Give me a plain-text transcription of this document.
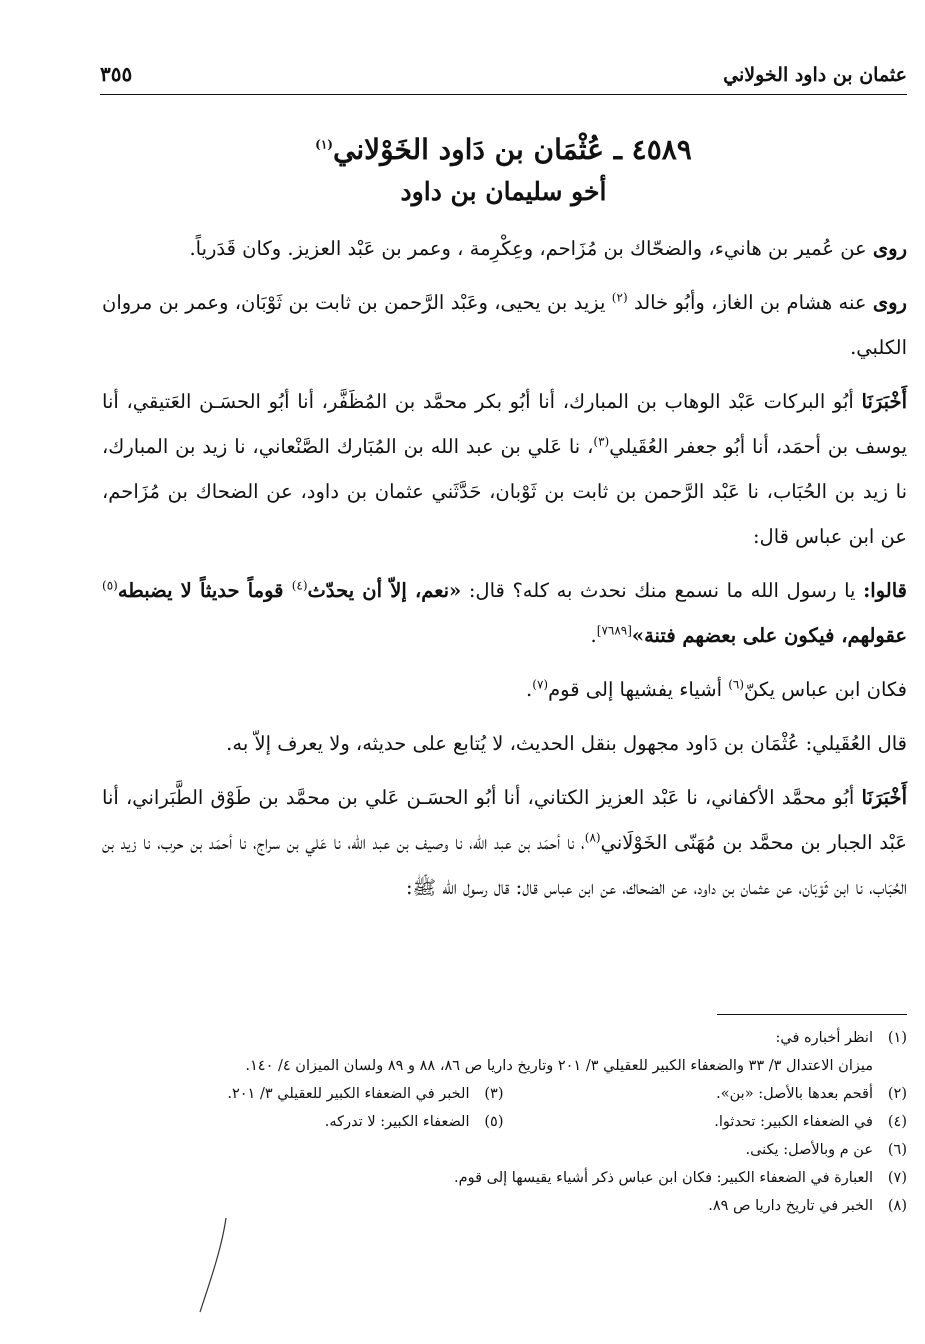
عثمان بن داود الخولاني
٣٥٥
٤٥٨٩ ـ عُثْمَان بن دَاود الخَوْلاني$^{(١)}$
أخو سليمان بن داود

روى عن عُمير بن هانيء، والضحّاك بن مُزَاحم، وعِكْرِمة ، وعمر بن عَبْد العزيز. وكان قَدَرياً.

روى عنه هشام بن الغاز، وأبُو خالد $^{(٢)}$ يزيد بن يحيى، وعَبْد الرَّحمن بن ثابت بن ثَوْبَان، وعمر بن مروان الكلبي.

أَخْبَرَنَا أبُو البركات عَبْد الوهاب بن المبارك، أنا أبُو بكر محمَّد بن المُظَفَّر، أنا أبُو الحسَـن العَتيقي، أنا يوسف بن أحمَد، أنا أبُو جعفر العُقَيلي$^{(٣)}$، نا عَلي بن عبد الله بن المُبَارك الصَّنْعاني، نا زيد بن المبارك، نا زيد بن الحُبَاب، نا عَبْد الرَّحمن بن ثابت بن ثَوْبان، حَدَّثَني عثمان بن داود، عن الضحاك بن مُزَاحم، عن ابن عباس قال:

قالوا: يا رسول الله ما نسمع منك نحدث به كله؟ قال: «نعم، إلاّ أن يحدّث$^{(٤)}$ قوماً حديثاً لا يضبطه$^{(٥)}$ عقولهم، فيكون على بعضهم فتنة»[٧٦٨٩].

فكان ابن عباس يكنّ$^{(٦)}$ أشياء يفشيها إلى قوم$^{(٧)}$.

قال العُقَيلي: عُثْمَان بن دَاود مجهول بنقل الحديث، لا يُتابع على حديثه، ولا يعرف إلاّ به.

أَخْبَرَنَا أبُو محمَّد الأكفاني، نا عَبْد العزيز الكتاني، أنا أبُو الحسَـن عَلي بن محمَّد بن طَوْق الطَّبَراني، أنا عَبْد الجبار بن محمَّد بن مُهَنّى الخَوْلَاني$^{(٨)}$، نا أحمَد بن عبد الله، نا وصيف بن عبد الله، نا عَلي بن سراج، نا أحمَد بن حرب، نا زيد بن الحُبَاب، نا ابن ثَوْبَان، عن عثمان بن داود، عن الضحاك، عن ابن عباس قال: قال رسول الله ﷺ:

(١)
انظر أخباره في:
ميزان الاعتدال ٣/ ٣٣ والضعفاء الكبير للعقيلي ٣/ ٢٠١ وتاريخ داريا ص ٨٦، ٨٨ و ٨٩ ولسان الميزان ٤/ ١٤٠.
(٢)
أقحم بعدها بالأصل: «بن».
(٣)
الخبر في الضعفاء الكبير للعقيلي ٣/ ٢٠١.
(٤)
في الضعفاء الكبير: تحدثوا.
(٥)
الضعفاء الكبير: لا تدركه.
(٦)
عن م وبالأصل: يكنى.
(٧)
العبارة في الضعفاء الكبير: فكان ابن عباس ذكر أشياء يقيسها إلى قوم.
(٨)
الخبر في تاريخ داريا ص ٨٩.
